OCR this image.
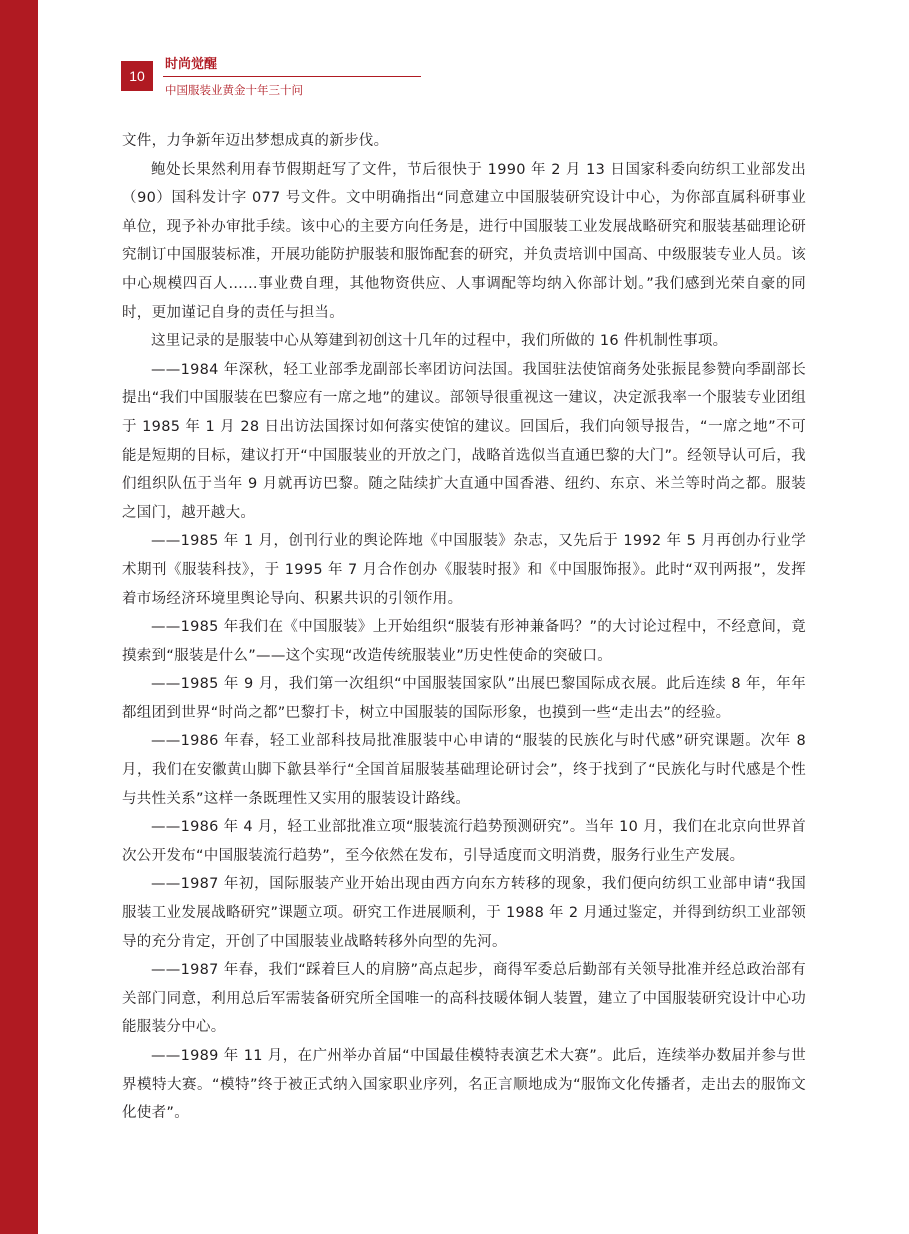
10
时尚觉醒
中国服装业黄金十年三十问

文件，力争新年迈出梦想成真的新步伐。

鲍处长果然利用春节假期赶写了文件，节后很快于 1990 年 2 月 13 日国家科委向纺织工业部发出（90）国科发计字 077 号文件。文中明确指出“同意建立中国服装研究设计中心，为你部直属科研事业单位，现予补办审批手续。该中心的主要方向任务是，进行中国服装工业发展战略研究和服装基础理论研究制订中国服装标准，开展功能防护服装和服饰配套的研究，并负责培训中国高、中级服装专业人员。该中心规模四百人……事业费自理，其他物资供应、人事调配等均纳入你部计划。”我们感到光荣自豪的同时，更加谨记自身的责任与担当。

这里记录的是服装中心从筹建到初创这十几年的过程中，我们所做的 16 件机制性事项。

——1984 年深秋，轻工业部季龙副部长率团访问法国。我国驻法使馆商务处张振昆参赞向季副部长提出“我们中国服装在巴黎应有一席之地”的建议。部领导很重视这一建议，决定派我率一个服装专业团组于 1985 年 1 月 28 日出访法国探讨如何落实使馆的建议。回国后，我们向领导报告，“一席之地”不可能是短期的目标，建议打开“中国服装业的开放之门，战略首选似当直通巴黎的大门”。经领导认可后，我们组织队伍于当年 9 月就再访巴黎。随之陆续扩大直通中国香港、纽约、东京、米兰等时尚之都。服装之国门，越开越大。

——1985 年 1 月，创刊行业的舆论阵地《中国服装》杂志，又先后于 1992 年 5 月再创办行业学术期刊《服装科技》，于 1995 年 7 月合作创办《服装时报》和《中国服饰报》。此时“双刊两报”，发挥着市场经济环境里舆论导向、积累共识的引领作用。

——1985 年我们在《中国服装》上开始组织“服装有形神兼备吗？”的大讨论过程中，不经意间，竟摸索到“服装是什么”——这个实现“改造传统服装业”历史性使命的突破口。

——1985 年 9 月，我们第一次组织“中国服装国家队”出展巴黎国际成衣展。此后连续 8 年，年年都组团到世界“时尚之都”巴黎打卡，树立中国服装的国际形象，也摸到一些“走出去”的经验。

——1986 年春，轻工业部科技局批准服装中心申请的“服装的民族化与时代感”研究课题。次年 8 月，我们在安徽黄山脚下歙县举行“全国首届服装基础理论研讨会”，终于找到了“民族化与时代感是个性与共性关系”这样一条既理性又实用的服装设计路线。

——1986 年 4 月，轻工业部批准立项“服装流行趋势预测研究”。当年 10 月，我们在北京向世界首次公开发布“中国服装流行趋势”，至今依然在发布，引导适度而文明消费，服务行业生产发展。

——1987 年初，国际服装产业开始出现由西方向东方转移的现象，我们便向纺织工业部申请“我国服装工业发展战略研究”课题立项。研究工作进展顺利，于 1988 年 2 月通过鉴定，并得到纺织工业部领导的充分肯定，开创了中国服装业战略转移外向型的先河。

——1987 年春，我们“踩着巨人的肩膀”高点起步，商得军委总后勤部有关领导批准并经总政治部有关部门同意，利用总后军需装备研究所全国唯一的高科技暖体铜人装置，建立了中国服装研究设计中心功能服装分中心。

——1989 年 11 月，在广州举办首届“中国最佳模特表演艺术大赛”。此后，连续举办数届并参与世界模特大赛。“模特”终于被正式纳入国家职业序列，名正言顺地成为“服饰文化传播者，走出去的服饰文化使者”。
